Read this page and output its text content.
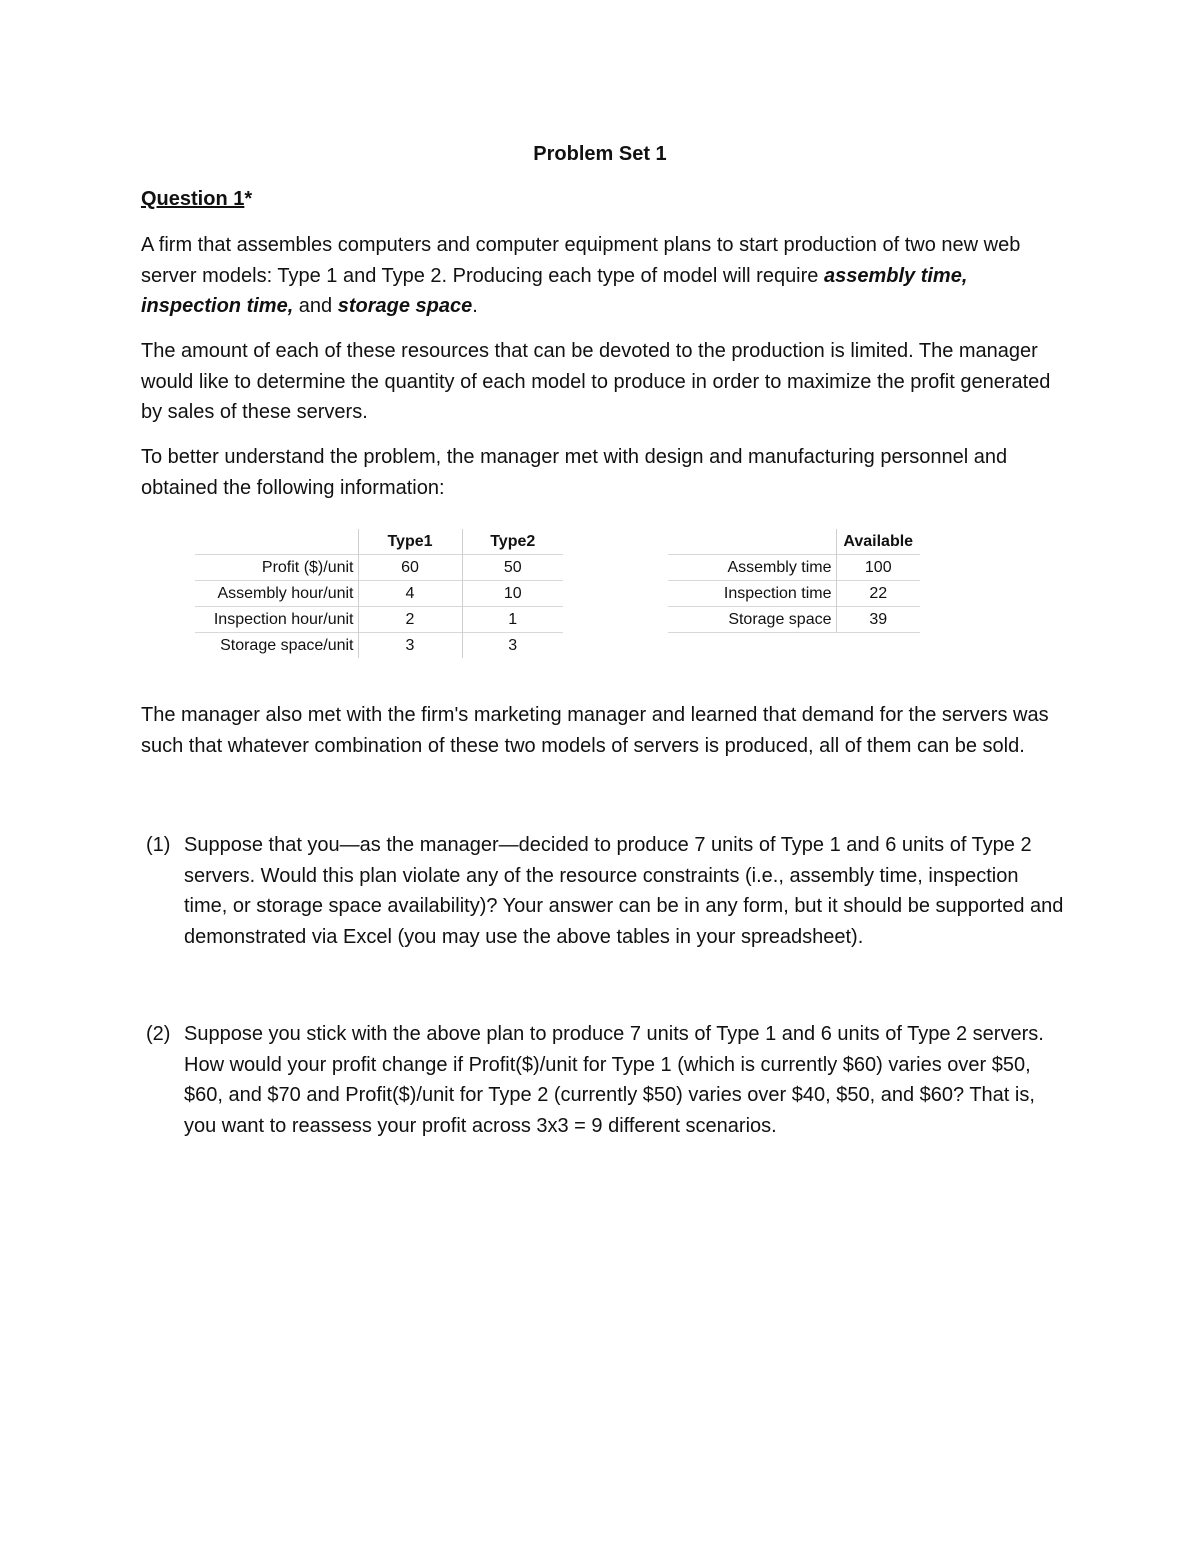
Problem Set 1
Question 1*

A firm that assembles computers and computer equipment plans to start production of two new web server models: Type 1 and Type 2. Producing each type of model will require assembly time, inspection time, and storage space.

The amount of each of these resources that can be devoted to the production is limited. The manager would like to determine the quantity of each model to produce in order to maximize the profit generated by sales of these servers.

To better understand the problem, the manager met with design and manufacturing personnel and obtained the following information:

	Type1	Type2
Profit ($)/unit	60	50
Assembly hour/unit	4	10
Inspection hour/unit	2	1
Storage space/unit	3	3
	Available
Assembly time	100
Inspection time	22
Storage space	39

The manager also met with the firm's marketing manager and learned that demand for the servers was such that whatever combination of these two models of servers is produced, all of them can be sold.

(1) Suppose that you—as the manager—decided to produce 7 units of Type 1 and 6 units of Type 2 servers. Would this plan violate any of the resource constraints (i.e., assembly time, inspection time, or storage space availability)? Your answer can be in any form, but it should be supported and demonstrated via Excel (you may use the above tables in your spreadsheet).
(2) Suppose you stick with the above plan to produce 7 units of Type 1 and 6 units of Type 2 servers. How would your profit change if Profit($)/unit for Type 1 (which is currently $60) varies over $50, $60, and $70 and Profit($)/unit for Type 2 (currently $50) varies over $40, $50, and $60? That is, you want to reassess your profit across 3x3 = 9 different scenarios.
